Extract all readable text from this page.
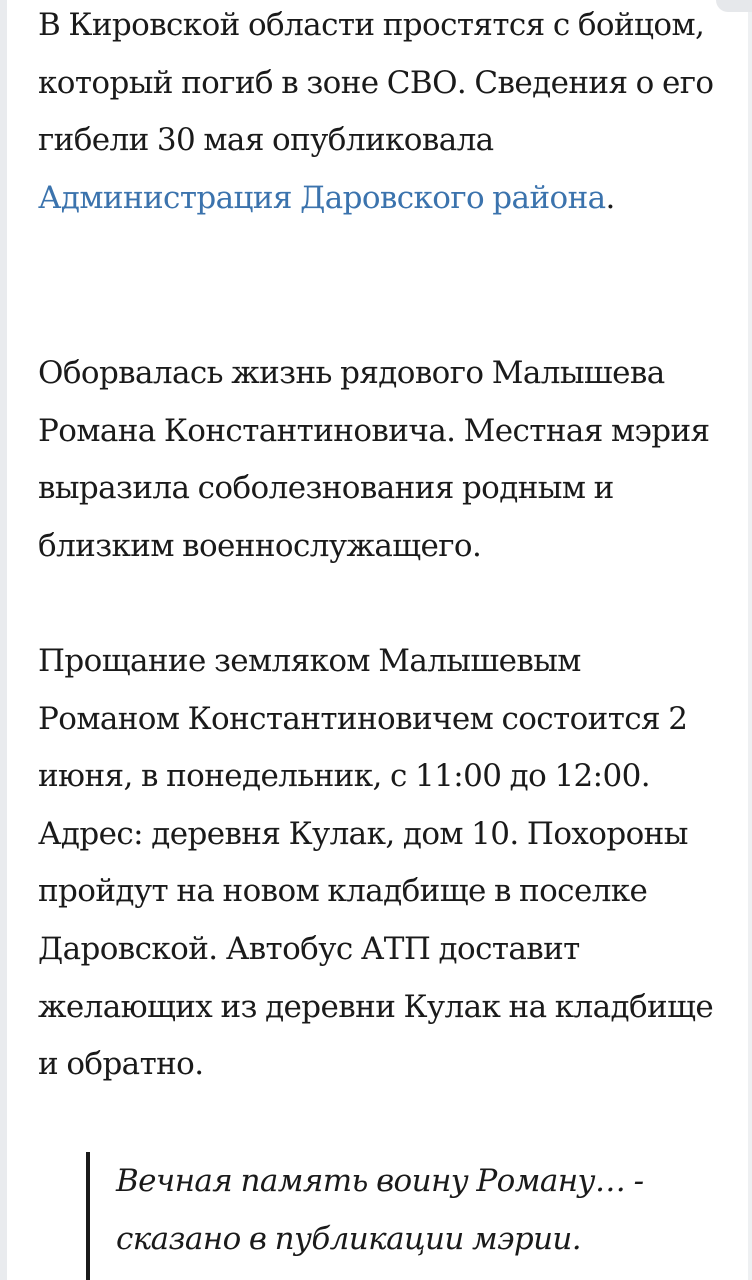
В Кировской области простятся с бойцом, который погиб в зоне СВО. Сведения о его гибели 30 мая опубликовала Администрация Даровского района.

Оборвалась жизнь рядового Малышева Романа Константиновича. Местная мэрия выразила соболезнования родным и близким военнослужащего.

Прощание земляком Малышевым Романом Константиновичем состоится 2 июня, в понедельник, с 11:00 до 12:00. Адрес: деревня Кулак, дом 10. Похороны пройдут на новом кладбище в поселке Даровской. Автобус АТП доставит желающих из деревни Кулак на кладбище и обратно.

Вечная память воину Роману… - сказано в публикации мэрии.
